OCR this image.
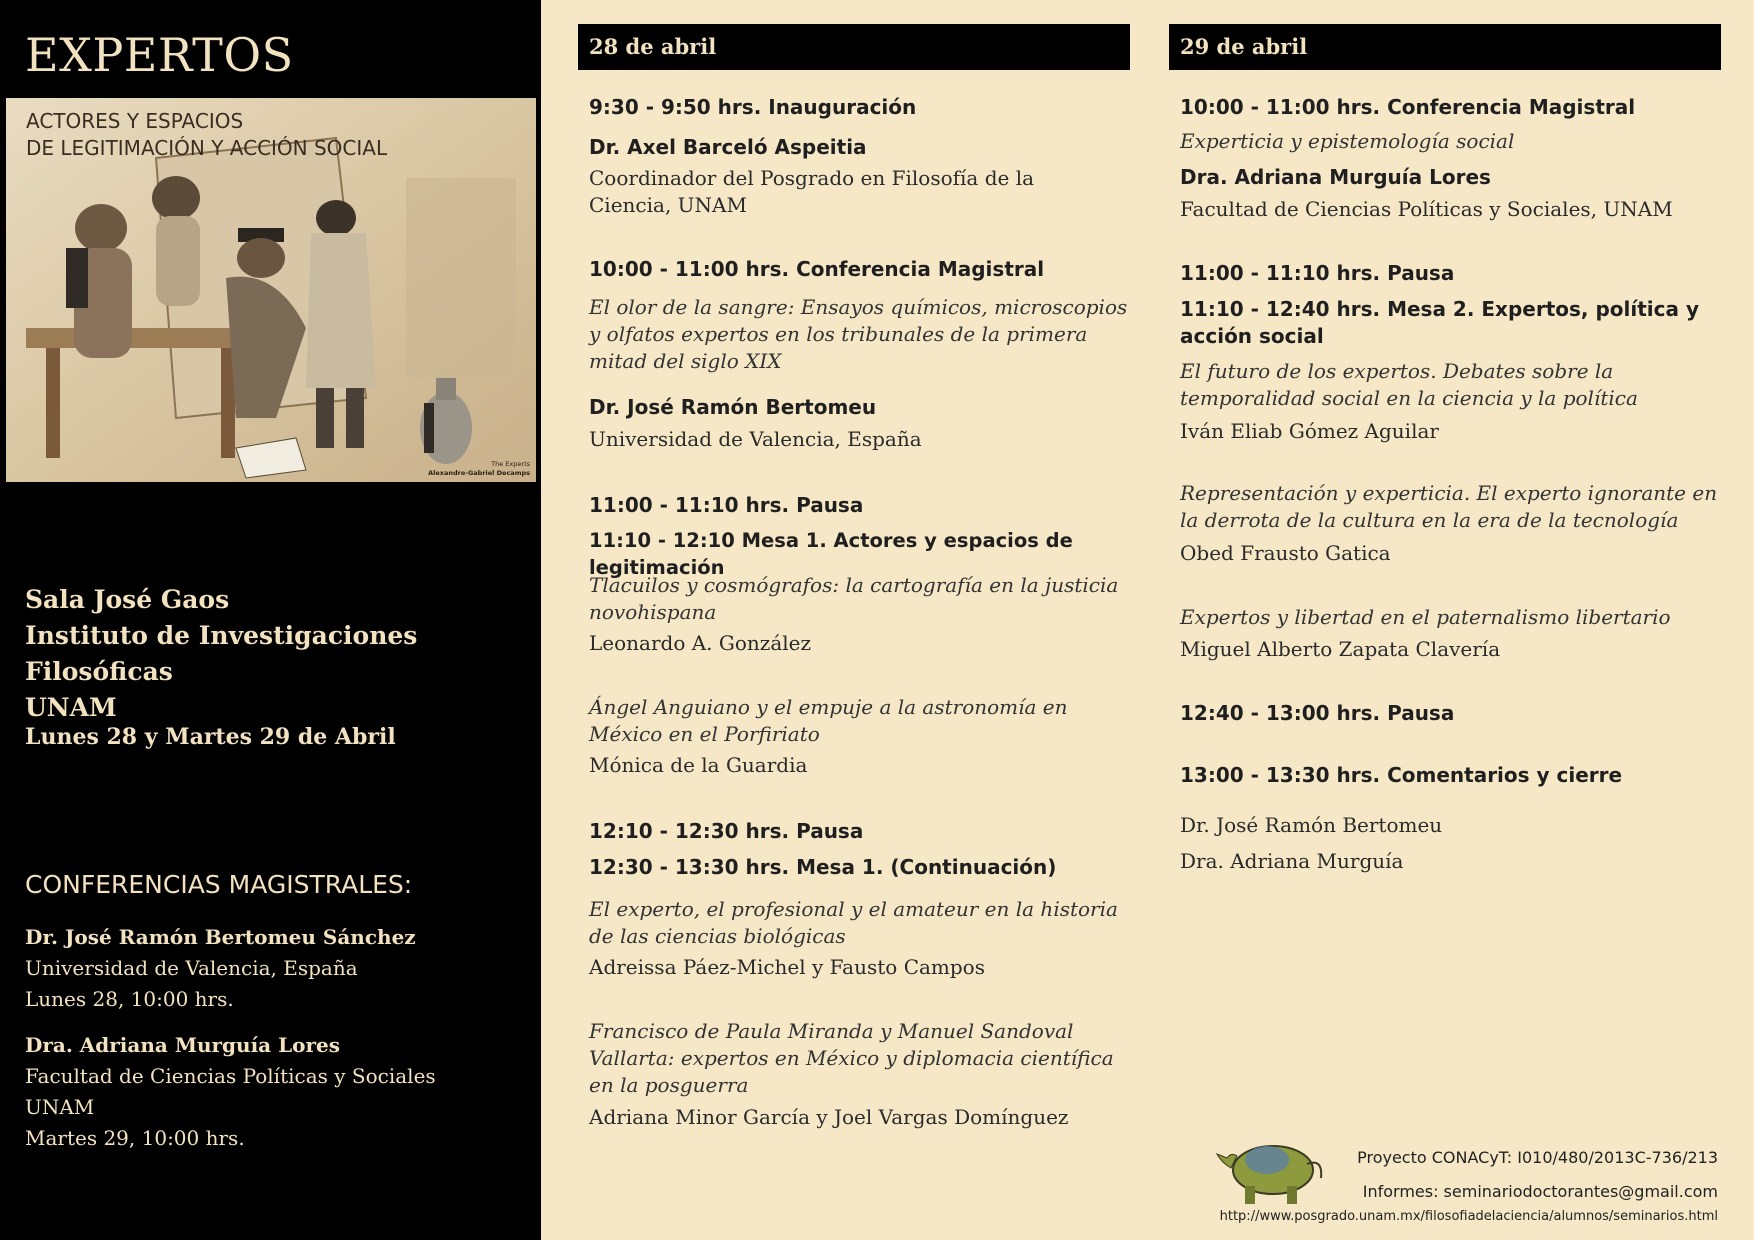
EXPERTOS
ACTORES Y ESPACIOS
DE LEGITIMACIÓN Y ACCIÓN SOCIAL
The Experts
Alexandre-Gabriel Decamps
Sala José Gaos
Instituto de Investigaciones Filosóficas
UNAM
Lunes 28 y Martes 29 de Abril
CONFERENCIAS MAGISTRALES:
Dr. José Ramón Bertomeu Sánchez
Universidad de Valencia, España
Lunes 28, 10:00 hrs.
Dra. Adriana Murguía Lores
Facultad de Ciencias Políticas y Sociales
UNAM
Martes 29, 10:00 hrs.
28 de abril
9:30 - 9:50 hrs. Inauguración
Dr. Axel Barceló Aspeitia
Coordinador del Posgrado en Filosofía de la Ciencia, UNAM
10:00 - 11:00 hrs. Conferencia Magistral
El olor de la sangre: Ensayos químicos, microscopios y olfatos expertos en los tribunales de la primera mitad del siglo XIX
Dr. José Ramón Bertomeu
Universidad de Valencia, España
11:00 - 11:10 hrs. Pausa
11:10 - 12:10 Mesa 1. Actores y espacios de legitimación
Tlacuilos y cosmógrafos: la cartografía en la justicia novohispana
Leonardo A. González
Ángel Anguiano y el empuje a la astronomía en México en el Porfiriato
Mónica de la Guardia
12:10 - 12:30 hrs. Pausa
12:30 - 13:30 hrs. Mesa 1. (Continuación)
El experto, el profesional y el amateur en la historia de las ciencias biológicas
Adreissa Páez-Michel y Fausto Campos
Francisco de Paula Miranda y Manuel Sandoval Vallarta: expertos en México y diplomacia científica en la posguerra
Adriana Minor García y Joel Vargas Domínguez
29 de abril
10:00 - 11:00 hrs. Conferencia Magistral
Experticia y epistemología social
Dra. Adriana Murguía Lores
Facultad de Ciencias Políticas y Sociales, UNAM
11:00 - 11:10 hrs. Pausa
11:10 - 12:40 hrs. Mesa 2. Expertos, política y acción social
El futuro de los expertos. Debates sobre la temporalidad social en la ciencia y la política
Iván Eliab Gómez Aguilar
Representación y experticia. El experto ignorante en la derrota de la cultura en la era de la tecnología
Obed Frausto Gatica
Expertos y libertad en el paternalismo libertario
Miguel Alberto Zapata Clavería
12:40 - 13:00 hrs. Pausa
13:00 - 13:30 hrs. Comentarios y cierre
Dr. José Ramón Bertomeu
Dra. Adriana Murguía
Proyecto CONACyT: I010/480/2013C-736/213
Informes: seminariodoctorantes@gmail.com
http://www.posgrado.unam.mx/filosofiadelaciencia/alumnos/seminarios.html
